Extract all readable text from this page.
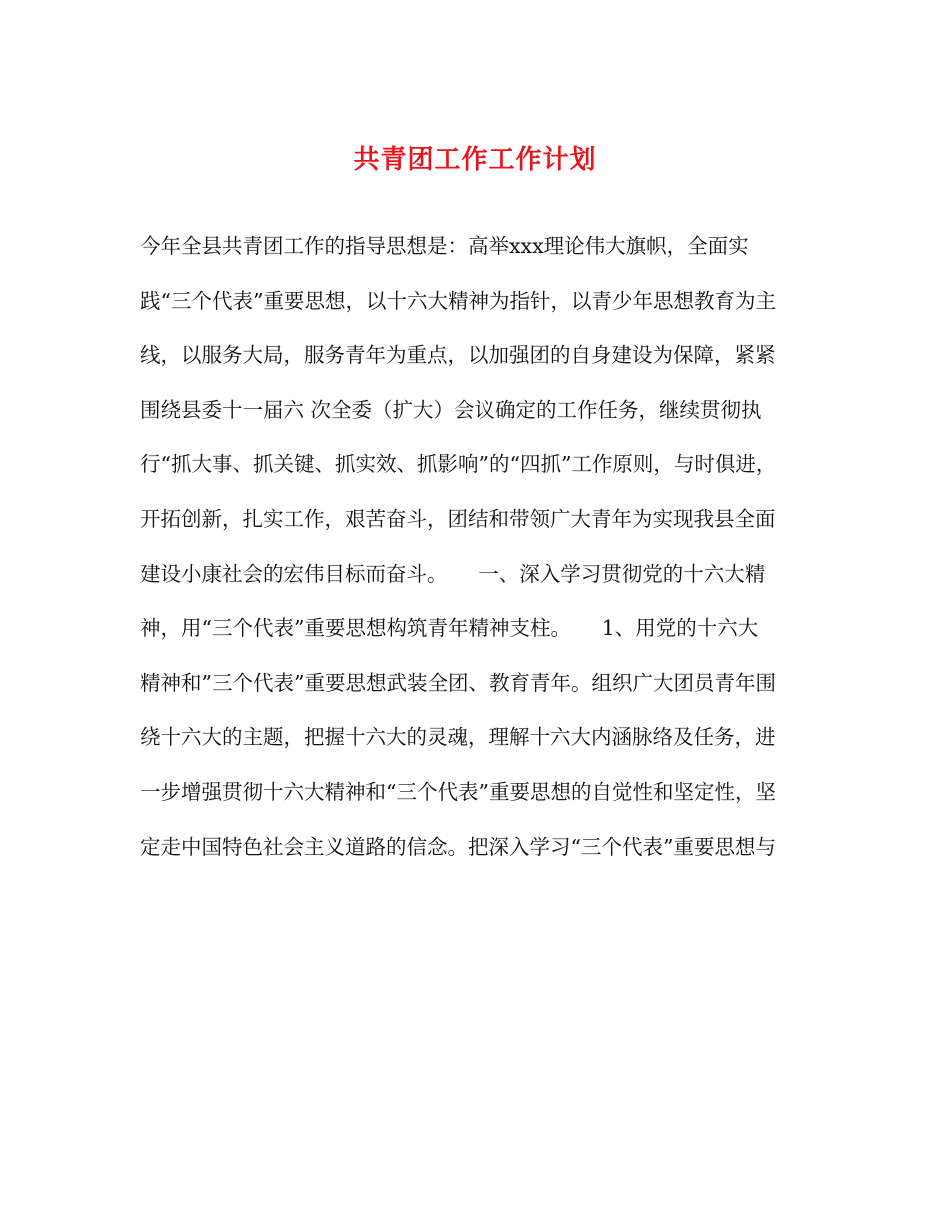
共青团工作工作计划
今年全县共青团工作的指导思想是：高举xxx理论伟大旗帜，全面实
践“三个代表”重要思想，以十六大精神为指针，以青少年思想教育为主
线，以服务大局，服务青年为重点，以加强团的自身建设为保障，紧紧
围绕县委十一届六 次全委（扩大）会议确定的工作任务，继续贯彻执
行“抓大事、抓关键、抓实效、抓影响”的“四抓”工作原则，与时俱进，
开拓创新，扎实工作，艰苦奋斗，团结和带领广大青年为实现我县全面
建设小康社会的宏伟目标而奋斗。　　一、深入学习贯彻党的十六大精
神，用“三个代表”重要思想构筑青年精神支柱。　　1、用党的十六大
精神和”三个代表”重要思想武装全团、教育青年。组织广大团员青年围
绕十六大的主题，把握十六大的灵魂，理解十六大内涵脉络及任务，进
一步增强贯彻十六大精神和“三个代表”重要思想的自觉性和坚定性，坚
定走中国特色社会主义道路的信念。把深入学习“三个代表”重要思想与
